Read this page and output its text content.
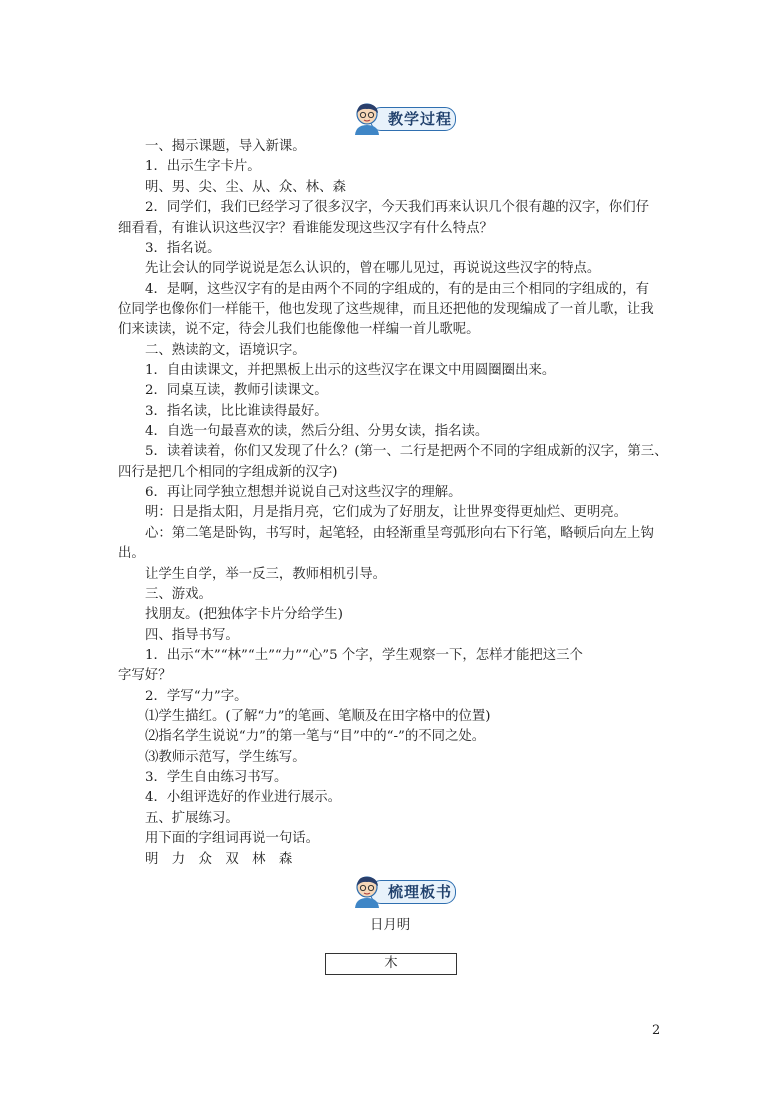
教学过程
一、揭示课题，导入新课。
1．出示生字卡片。
明、男、尖、尘、从、众、林、森
2．同学们，我们已经学习了很多汉字，今天我们再来认识几个很有趣的汉字，你们仔
细看看，有谁认识这些汉字？看谁能发现这些汉字有什么特点？
3．指名说。
先让会认的同学说说是怎么认识的，曾在哪儿见过，再说说这些汉字的特点。
4．是啊，这些汉字有的是由两个不同的字组成的，有的是由三个相同的字组成的，有
位同学也像你们一样能干，他也发现了这些规律，而且还把他的发现编成了一首儿歌，让我
们来读读，说不定，待会儿我们也能像他一样编一首儿歌呢。
二、熟读韵文，语境识字。
1．自由读课文，并把黑板上出示的这些汉字在课文中用圆圈圈出来。
2．同桌互读，教师引读课文。
3．指名读，比比谁读得最好。
4．自选一句最喜欢的读，然后分组、分男女读，指名读。
5．读着读着，你们又发现了什么？(第一、二行是把两个不同的字组成新的汉字，第三、
四行是把几个相同的字组成新的汉字)
6．再让同学独立想想并说说自己对这些汉字的理解。
明：日是指太阳，月是指月亮，它们成为了好朋友，让世界变得更灿烂、更明亮。
心：第二笔是卧钩，书写时，起笔轻，由轻渐重呈弯弧形向右下行笔，略顿后向左上钩
出。
让学生自学，举一反三，教师相机引导。
三、游戏。
找朋友。(把独体字卡片分给学生)
四、指导书写。
1．出示“木”“林”“土”“力”“心”5 个字，学生观察一下，怎样才能把这三个
字写好？
2．学写“力”字。
⑴学生描红。(了解“力”的笔画、笔顺及在田字格中的位置)
⑵指名学生说说“力”的第一笔与“目”中的“-”的不同之处。
⑶教师示范写，学生练写。
3．学生自由练习书写。
4．小组评选好的作业进行展示。
五、扩展练习。
用下面的字组词再说一句话。
明　力　众　双　林　森
梳理板书
日月明
木
2
